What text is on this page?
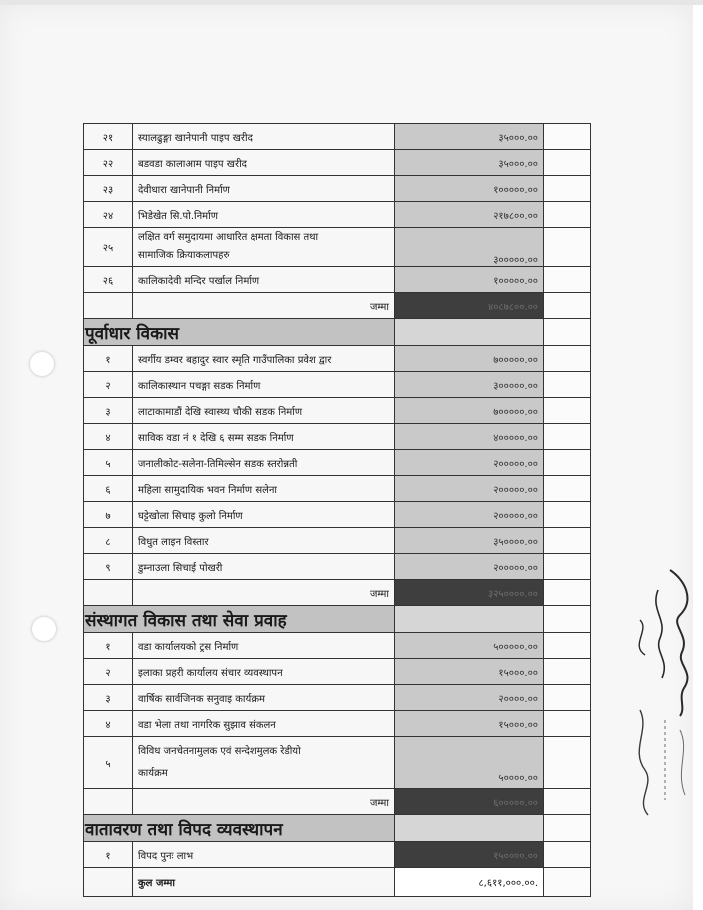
२१	स्यालढुङ्गा खानेपानी पाइप खरीद	३५०००.००	
२२	बडवडा कालाआम पाइप खरीद	३५०००.००	
२३	देवीधारा खानेपानी निर्माण	१०००००.००	
२४	भिडेखेत सि.पो.निर्माण	२१७८००.००	
२५	लक्षित वर्ग समुदायमा आधारित क्षमता विकास तथा
सामाजिक क्रियाकलापहरु	३०००००.००	
२६	कालिकादेवी मन्दिर पर्खाल निर्माण	१०००००.००	
	जम्मा	४०८७८००.००	
पूर्वाधार विकास			
१	स्वर्गीय डम्वर बहादुर स्वार स्मृति गाउँपालिका प्रवेश द्वार	७०००००.००	
२	कालिकास्थान पचङ्गा सडक निर्माण	३०००००.००	
३	लाटाकामाडौं देखि स्वास्थ्य चौकी सडक निर्माण	७०००००.००	
४	साविक वडा नं १ देखि ६ सम्म सडक निर्माण	४०००००.००	
५	जनालीकोट-सलेना-तिमिल्सेन सडक स्तरोन्नती	२०००००.००	
६	महिला सामुदायिक भवन निर्माण सलेना	२०००००.००	
७	घट्टेखोला सिचाइ कुलो निर्माण	२०००००.००	
८	विधुत लाइन विस्तार	३५००००.००	
९	डुम्नाउला सिचाई पोखरी	२०००००.००	
	जम्मा	३२५००००.००	
संस्थागत विकास तथा सेवा प्रवाह			
१	वडा कार्यालयको ट्रस निर्माण	५०००००.००	
२	इलाका प्रहरी कार्यालय संचार व्यवस्थापन	१५०००.००	
३	वार्षिक सार्वजिनक सनुवाइ कार्यक्रम	२००००.००	
४	वडा भेला तथा नागरिक सुझाव संकलन	१५०००.००	
५	विविध जनचेतनामुलक एवं सन्देशमुलक रेडीयो
कार्यक्रम	५००००.००	
	जम्मा	६०००००.००	
वातावरण तथा विपद व्यवस्थापन			
१	विपद पुनः लाभ	१५००००.००	
	कुल जम्मा	८,६११,०००.००.	
